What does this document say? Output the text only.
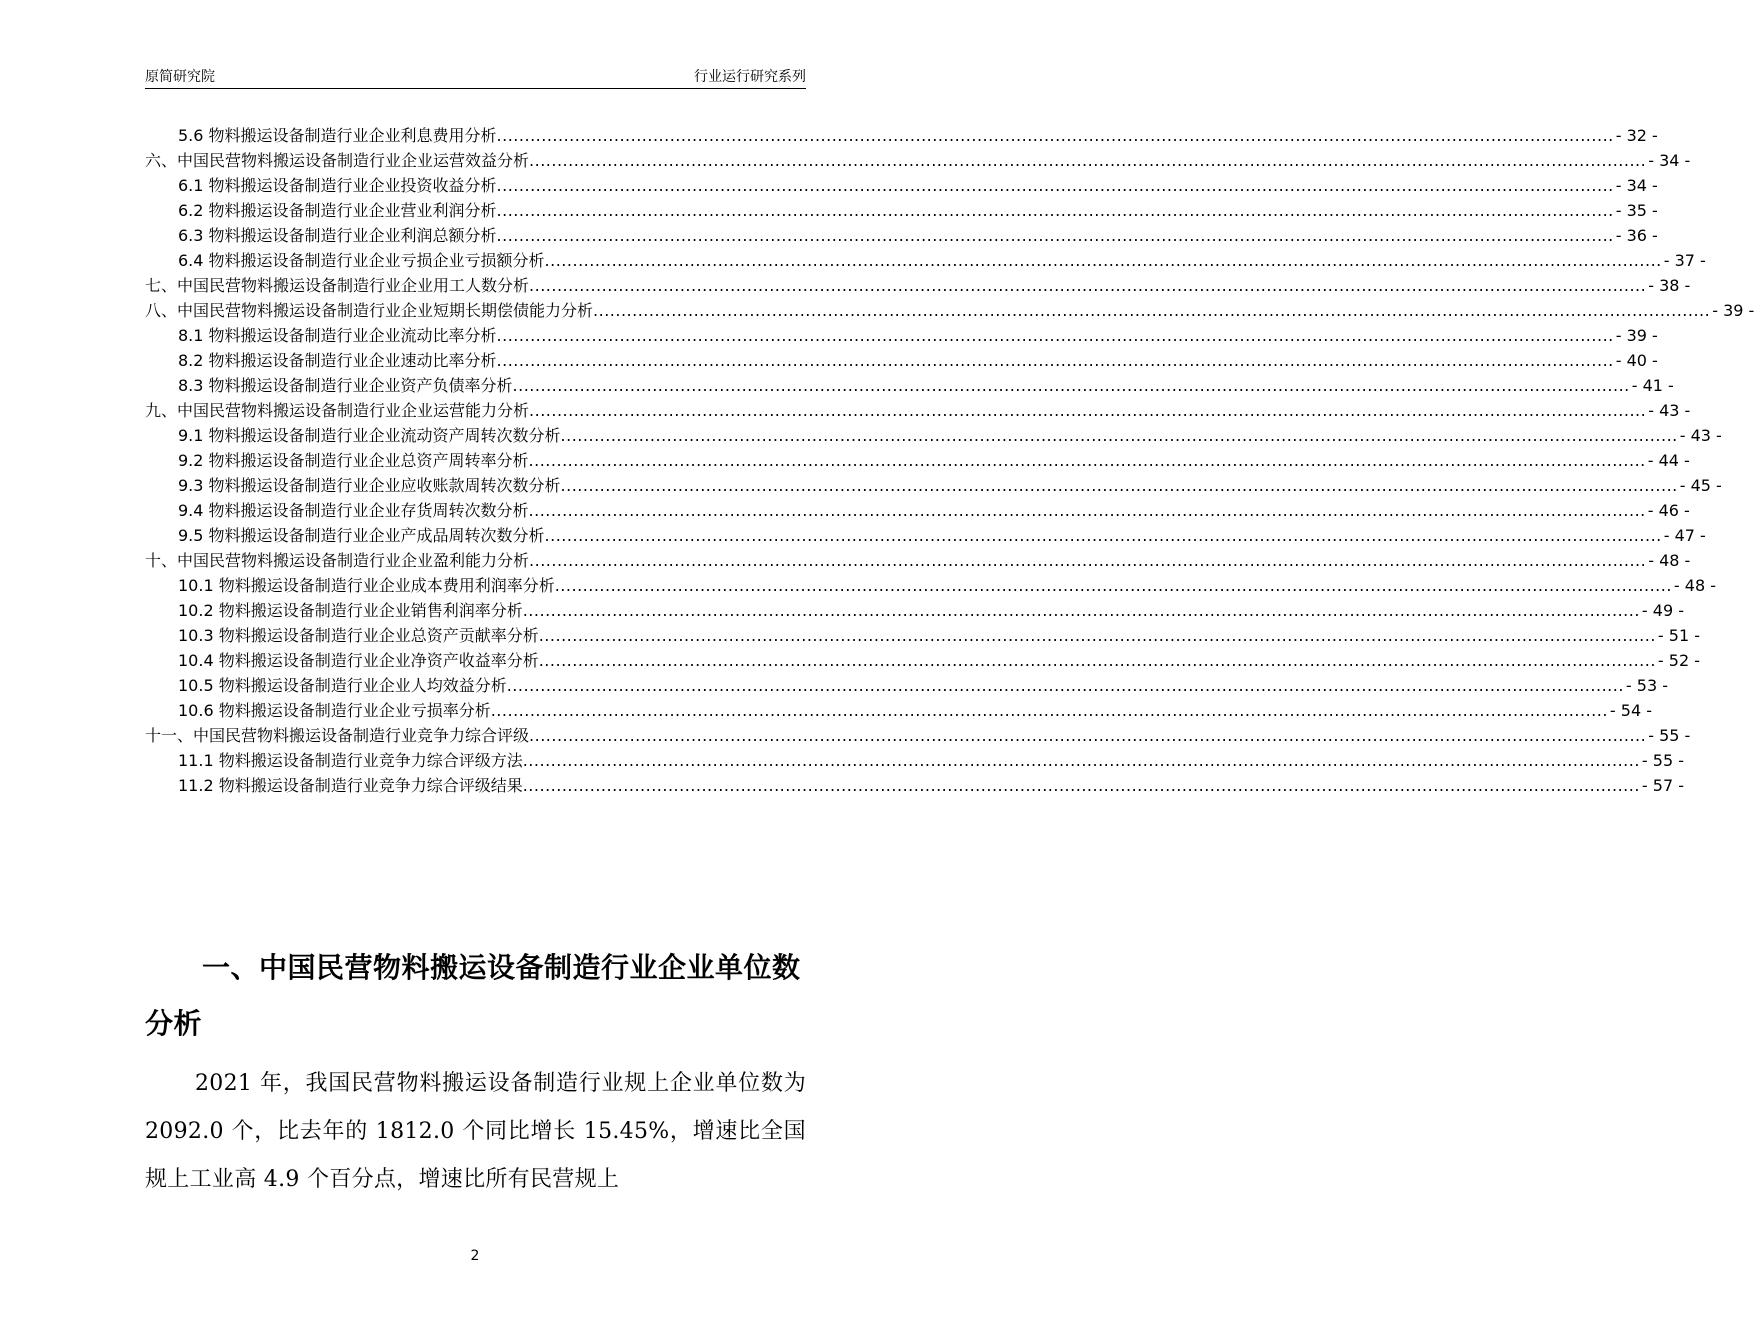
原简研究院	行业运行研究系列
5.6 物料搬运设备制造行业企业利息费用分析 ........................................................................................................................................................................................................ - 32 -
六、中国民营物料搬运设备制造行业企业运营效益分析 ........................................................................................................................................................................................................ - 34 -
6.1 物料搬运设备制造行业企业投资收益分析 ........................................................................................................................................................................................................ - 34 -
6.2 物料搬运设备制造行业企业营业利润分析 ........................................................................................................................................................................................................ - 35 -
6.3 物料搬运设备制造行业企业利润总额分析 ........................................................................................................................................................................................................ - 36 -
6.4 物料搬运设备制造行业企业亏损企业亏损额分析 ........................................................................................................................................................................................................ - 37 -
七、中国民营物料搬运设备制造行业企业用工人数分析 ........................................................................................................................................................................................................ - 38 -
八、中国民营物料搬运设备制造行业企业短期长期偿债能力分析 ........................................................................................................................................................................................................ - 39 -
8.1 物料搬运设备制造行业企业流动比率分析 ........................................................................................................................................................................................................ - 39 -
8.2 物料搬运设备制造行业企业速动比率分析 ........................................................................................................................................................................................................ - 40 -
8.3 物料搬运设备制造行业企业资产负债率分析 ........................................................................................................................................................................................................ - 41 -
九、中国民营物料搬运设备制造行业企业运营能力分析 ........................................................................................................................................................................................................ - 43 -
9.1 物料搬运设备制造行业企业流动资产周转次数分析 ........................................................................................................................................................................................................ - 43 -
9.2 物料搬运设备制造行业企业总资产周转率分析 ........................................................................................................................................................................................................ - 44 -
9.3 物料搬运设备制造行业企业应收账款周转次数分析 ........................................................................................................................................................................................................ - 45 -
9.4 物料搬运设备制造行业企业存货周转次数分析 ........................................................................................................................................................................................................ - 46 -
9.5 物料搬运设备制造行业企业产成品周转次数分析 ........................................................................................................................................................................................................ - 47 -
十、中国民营物料搬运设备制造行业企业盈利能力分析 ........................................................................................................................................................................................................ - 48 -
10.1 物料搬运设备制造行业企业成本费用利润率分析 ........................................................................................................................................................................................................ - 48 -
10.2 物料搬运设备制造行业企业销售利润率分析 ........................................................................................................................................................................................................ - 49 -
10.3 物料搬运设备制造行业企业总资产贡献率分析 ........................................................................................................................................................................................................ - 51 -
10.4 物料搬运设备制造行业企业净资产收益率分析 ........................................................................................................................................................................................................ - 52 -
10.5 物料搬运设备制造行业企业人均效益分析 ........................................................................................................................................................................................................ - 53 -
10.6 物料搬运设备制造行业企业亏损率分析 ........................................................................................................................................................................................................ - 54 -
十一、中国民营物料搬运设备制造行业竞争力综合评级 ........................................................................................................................................................................................................ - 55 -
11.1 物料搬运设备制造行业竞争力综合评级方法 ........................................................................................................................................................................................................ - 55 -
11.2 物料搬运设备制造行业竞争力综合评级结果 ........................................................................................................................................................................................................ - 57 -
一、中国民营物料搬运设备制造行业企业单位数分析
2021 年，我国民营物料搬运设备制造行业规上企业单位数为 2092.0 个，比去年的 1812.0 个同比增长 15.45%，增速比全国规上工业高 4.9 个百分点，增速比所有民营规上
2
